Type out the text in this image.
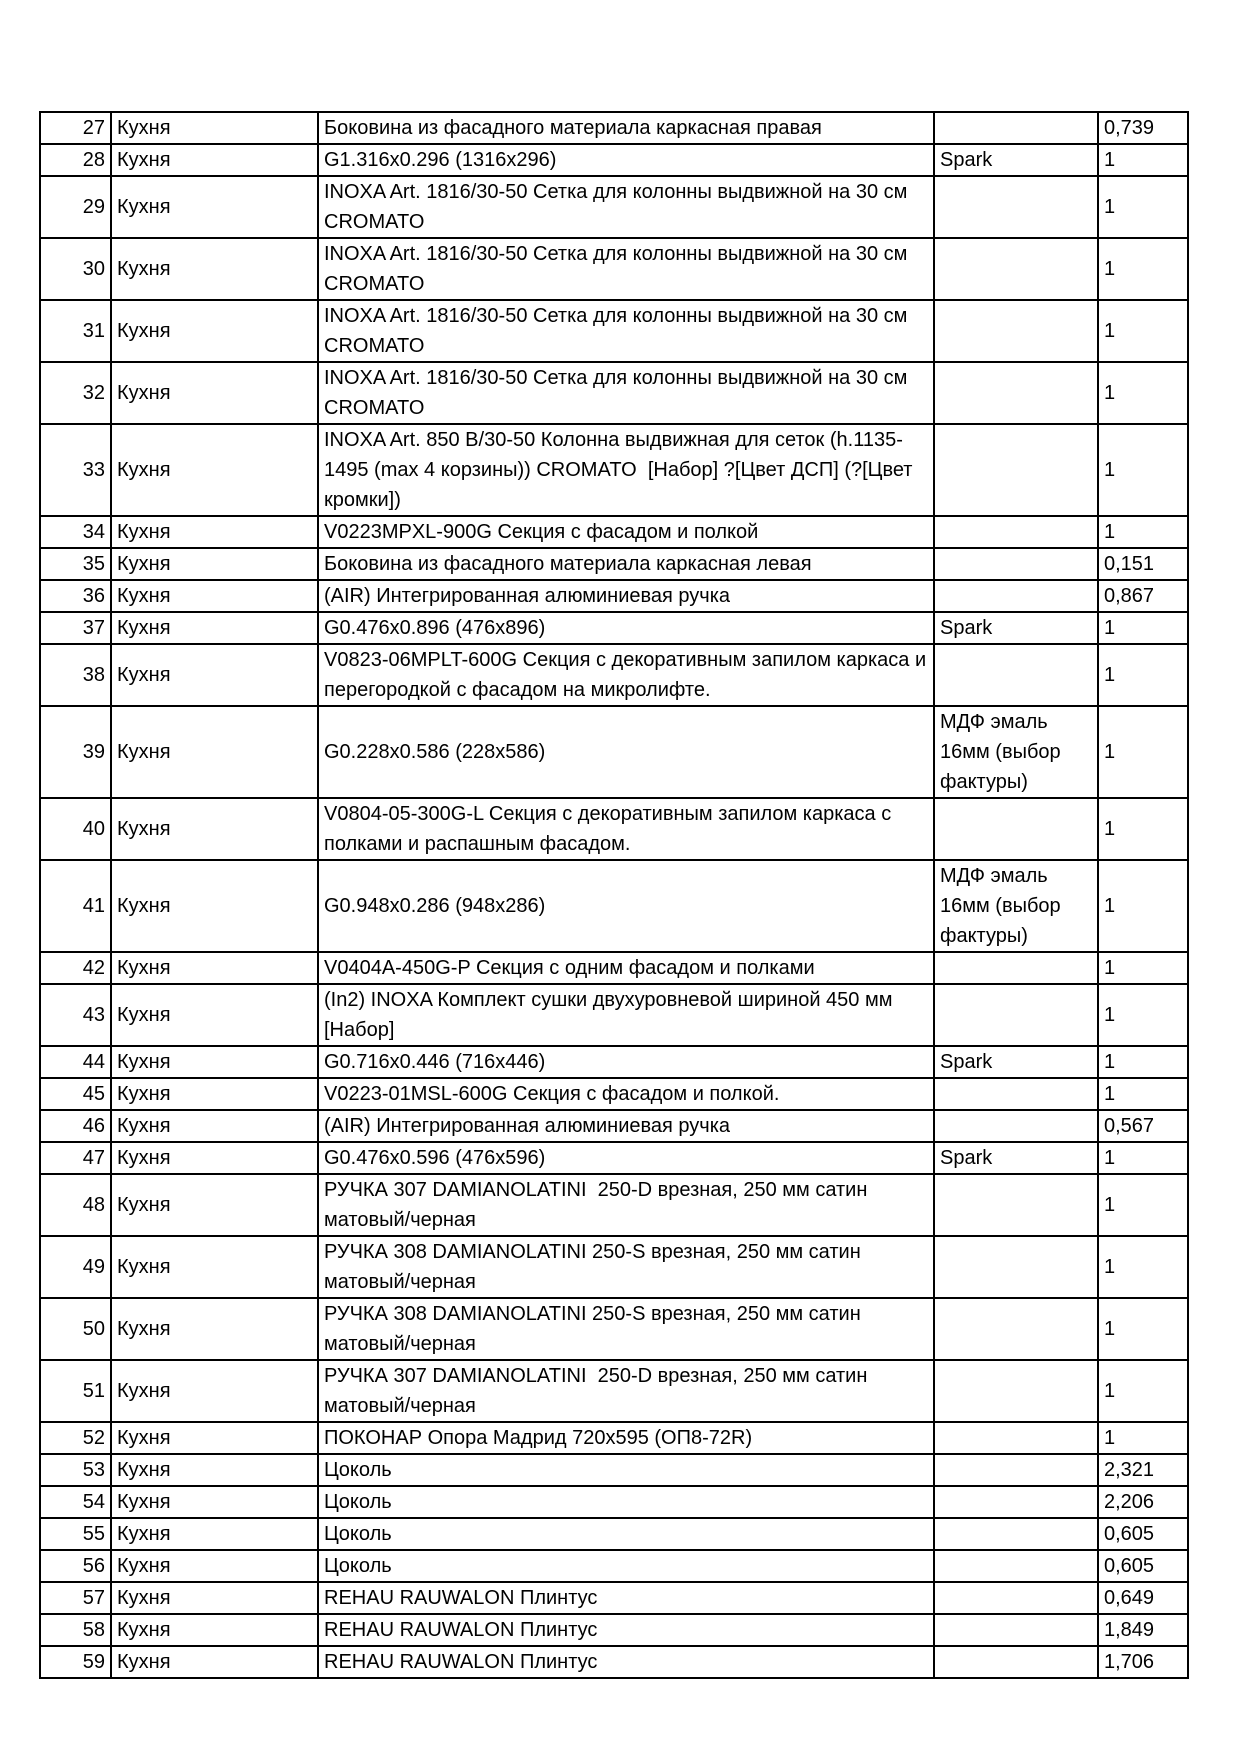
27	Кухня	Боковина из фасадного материала каркасная правая		0,739
28	Кухня	G1.316x0.296 (1316x296)	Spark	1
29	Кухня	INOXA Art. 1816/30-50 Сетка для колонны выдвижной на 30 см CROMATO		1
30	Кухня	INOXA Art. 1816/30-50 Сетка для колонны выдвижной на 30 см CROMATO		1
31	Кухня	INOXA Art. 1816/30-50 Сетка для колонны выдвижной на 30 см CROMATO		1
32	Кухня	INOXA Art. 1816/30-50 Сетка для колонны выдвижной на 30 см CROMATO		1
33	Кухня	INOXA Art. 850 B/30-50 Колонна выдвижная для сеток (h.1135-1495 (max 4 корзины)) CROMATO  [Набор] ?[Цвет ДСП] (?[Цвет кромки])		1
34	Кухня	V0223MPXL-900G Секция с фасадом и полкой		1
35	Кухня	Боковина из фасадного материала каркасная левая		0,151
36	Кухня	(AIR) Интегрированная алюминиевая ручка		0,867
37	Кухня	G0.476x0.896 (476x896)	Spark	1
38	Кухня	V0823-06MPLT-600G Секция с декоративным запилом каркаса и перегородкой с фасадом на микролифте.		1
39	Кухня	G0.228x0.586 (228x586)	МДФ эмаль 16мм (выбор фактуры)	1
40	Кухня	V0804-05-300G-L Секция с декоративным запилом каркаса с полками и распашным фасадом.		1
41	Кухня	G0.948x0.286 (948x286)	МДФ эмаль 16мм (выбор фактуры)	1
42	Кухня	V0404A-450G-P Секция с одним фасадом и полками		1
43	Кухня	(In2) INOXA Комплект сушки двухуровневой шириной 450 мм [Набор]		1
44	Кухня	G0.716x0.446 (716x446)	Spark	1
45	Кухня	V0223-01MSL-600G Секция с фасадом и полкой.		1
46	Кухня	(AIR) Интегрированная алюминиевая ручка		0,567
47	Кухня	G0.476x0.596 (476x596)	Spark	1
48	Кухня	РУЧКА 307 DAMIANOLATINI  250-D врезная, 250 мм сатин матовый/черная		1
49	Кухня	РУЧКА 308 DAMIANOLATINI 250-S врезная, 250 мм сатин матовый/черная		1
50	Кухня	РУЧКА 308 DAMIANOLATINI 250-S врезная, 250 мм сатин матовый/черная		1
51	Кухня	РУЧКА 307 DAMIANOLATINI  250-D врезная, 250 мм сатин матовый/черная		1
52	Кухня	ПОКОНАР Опора Мадрид 720x595 (ОП8-72R)		1
53	Кухня	Цоколь		2,321
54	Кухня	Цоколь		2,206
55	Кухня	Цоколь		0,605
56	Кухня	Цоколь		0,605
57	Кухня	REHAU RAUWALON Плинтус		0,649
58	Кухня	REHAU RAUWALON Плинтус		1,849
59	Кухня	REHAU RAUWALON Плинтус		1,706
